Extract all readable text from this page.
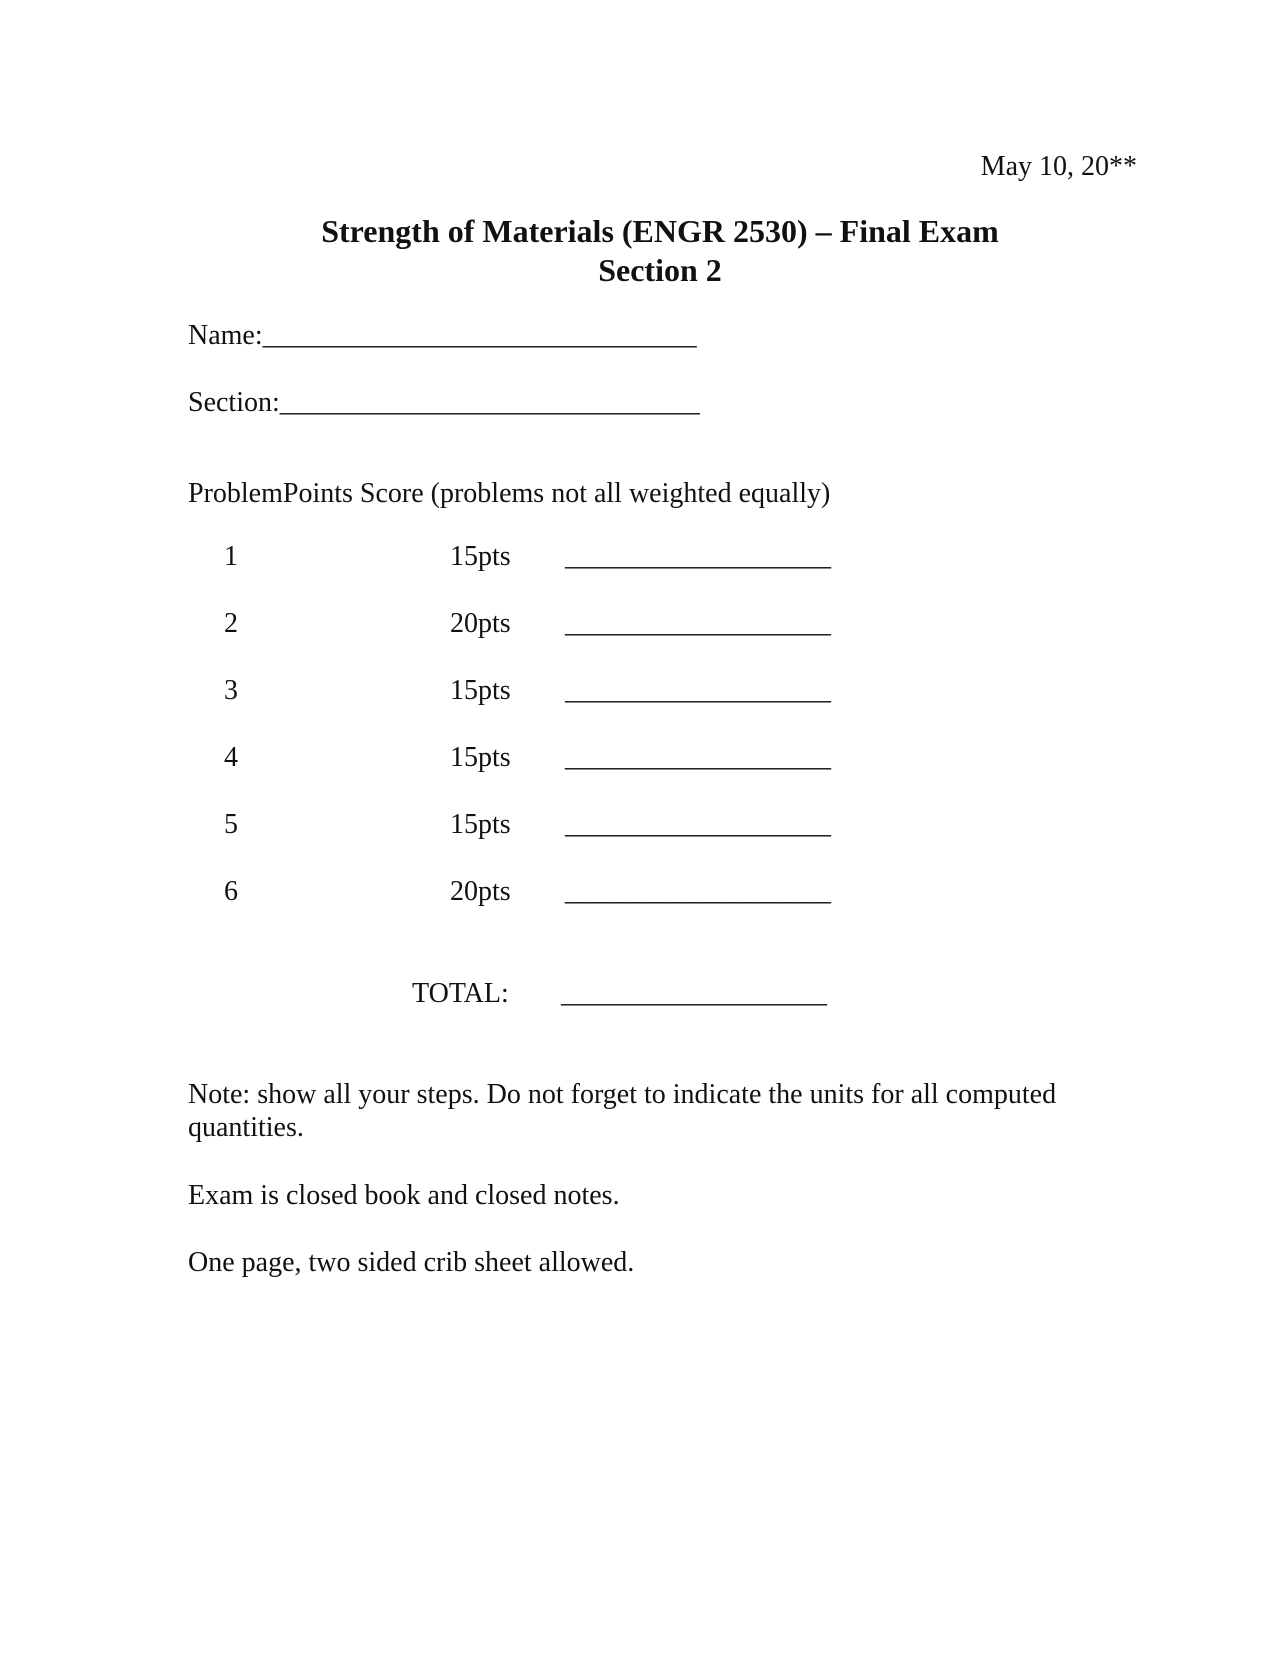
May 10, 20**
Strength of Materials (ENGR 2530) – Final Exam
Section 2
Name:_______________________________
Section:______________________________
ProblemPoints Score (problems not all weighted equally)
1	15pts ___________________
2	20pts ___________________
3	15pts ___________________
4	15pts ___________________
5	15pts ___________________
6	20pts ___________________
TOTAL: ___________________
Note: show all your steps. Do not forget to indicate the units for all computed quantities.
Exam is closed book and closed notes.
One page, two sided crib sheet allowed.
